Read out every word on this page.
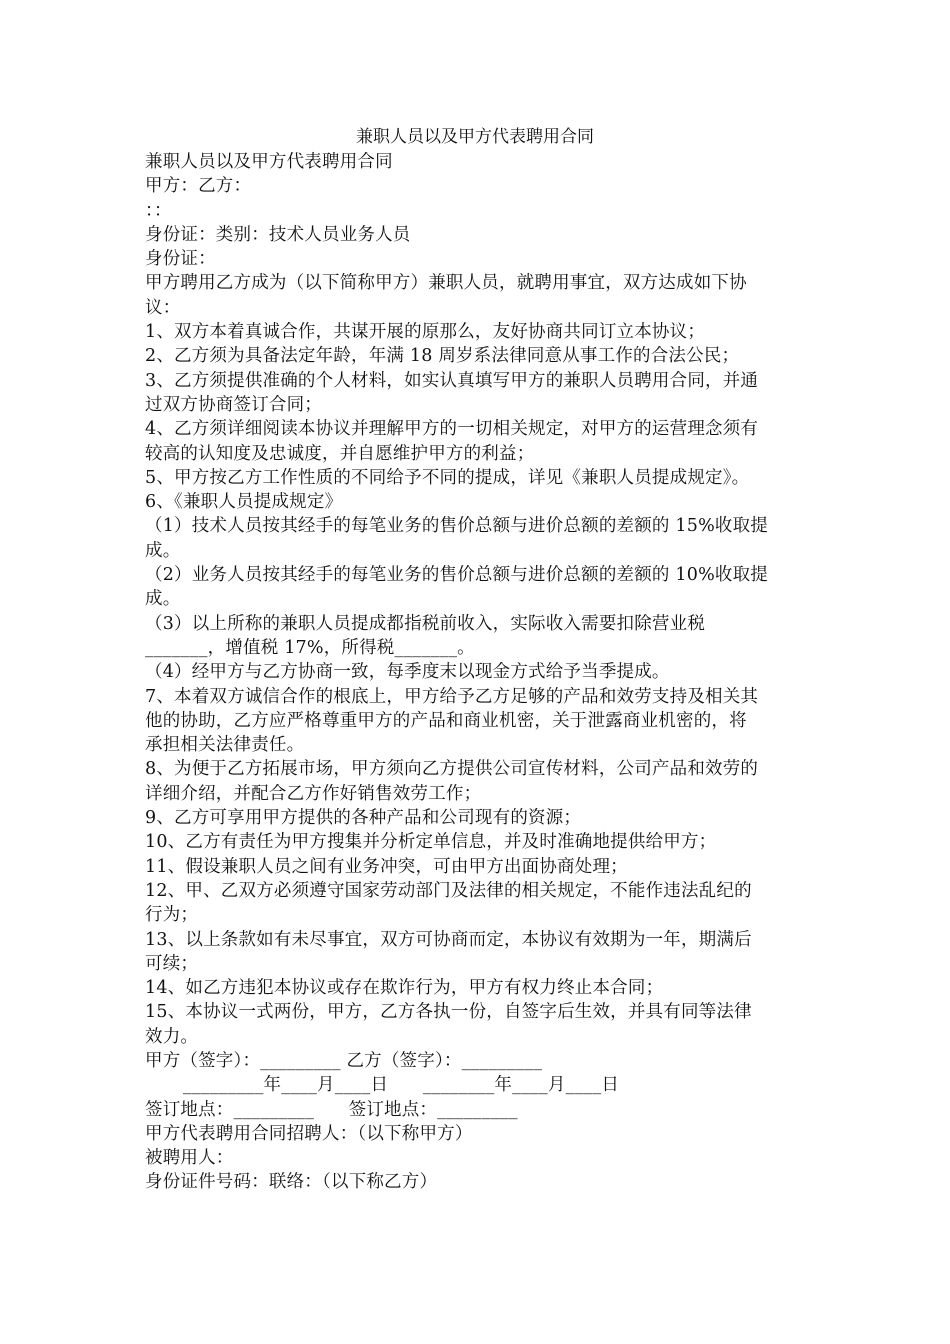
兼职人员以及甲方代表聘用合同
兼职人员以及甲方代表聘用合同
甲方：乙方：
：：
身份证：类别：技术人员业务人员
身份证：
甲方聘用乙方成为（以下简称甲方）兼职人员，就聘用事宜，双方达成如下协
议：
1、双方本着真诚合作，共谋开展的原那么，友好协商共同订立本协议；
2、乙方须为具备法定年龄，年满 18 周岁系法律同意从事工作的合法公民；
3、乙方须提供准确的个人材料，如实认真填写甲方的兼职人员聘用合同，并通
过双方协商签订合同；
4、乙方须详细阅读本协议并理解甲方的一切相关规定，对甲方的运营理念须有
较高的认知度及忠诚度，并自愿维护甲方的利益；
5、甲方按乙方工作性质的不同给予不同的提成，详见《兼职人员提成规定》。
6、《兼职人员提成规定》
（1）技术人员按其经手的每笔业务的售价总额与进价总额的差额的 15%收取提
成。
（2）业务人员按其经手的每笔业务的售价总额与进价总额的差额的 10%收取提
成。
（3）以上所称的兼职人员提成都指税前收入，实际收入需要扣除营业税
_______，增值税 17%，所得税_______。
（4）经甲方与乙方协商一致，每季度末以现金方式给予当季提成。
7、本着双方诚信合作的根底上，甲方给予乙方足够的产品和效劳支持及相关其
他的协助，乙方应严格尊重甲方的产品和商业机密，关于泄露商业机密的，将
承担相关法律责任。
8、为便于乙方拓展市场，甲方须向乙方提供公司宣传材料，公司产品和效劳的
详细介绍，并配合乙方作好销售效劳工作；
9、乙方可享用甲方提供的各种产品和公司现有的资源；
10、乙方有责任为甲方搜集并分析定单信息，并及时准确地提供给甲方；
11、假设兼职人员之间有业务冲突，可由甲方出面协商处理；
12、甲、乙双方必须遵守国家劳动部门及法律的相关规定，不能作违法乱纪的
行为；
13、以上条款如有未尽事宜，双方可协商而定，本协议有效期为一年，期满后
可续；
14、如乙方违犯本协议或存在欺诈行为，甲方有权力终止本合同；
15、本协议一式两份，甲方，乙方各执一份，自签字后生效，并具有同等法律
效力。
甲方（签字）：_________ 乙方（签字）：_________
_________年____月____日      ________年____月____日
签订地点：_________      签订地点：_________
甲方代表聘用合同招聘人：（以下称甲方）
被聘用人：
身份证件号码：联络：（以下称乙方）
